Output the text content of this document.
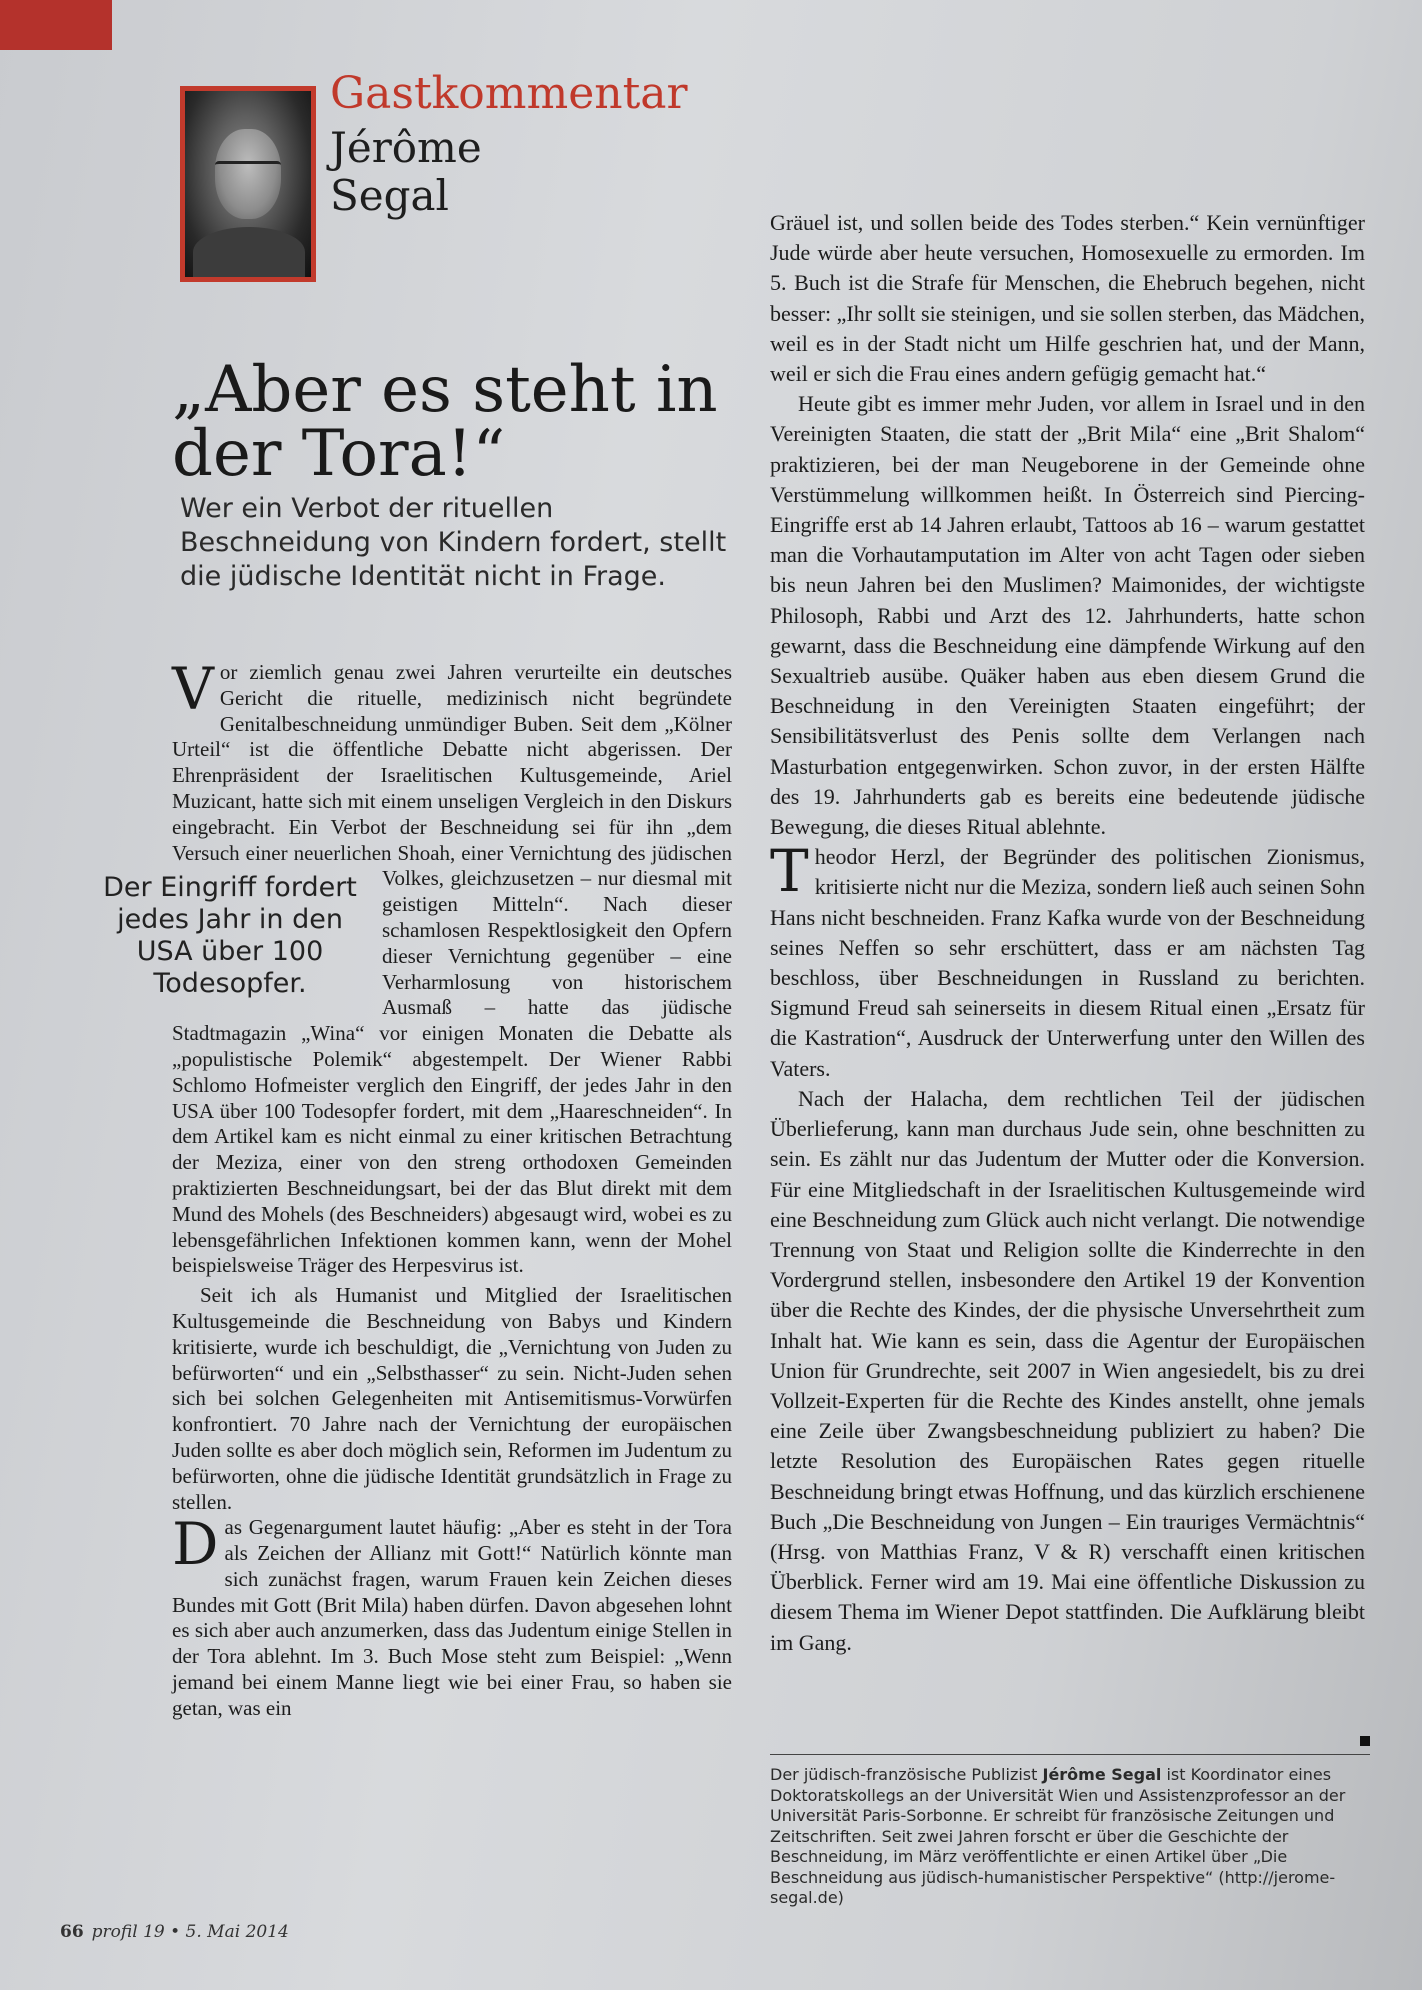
Gastkommentar

Jérôme
Segal

„Aber es steht in der Tora!“

Wer ein Verbot der rituellen Beschneidung von Kindern fordert, stellt die jüdische Identität nicht in Frage.

Vor ziemlich genau zwei Jahren verurteilte ein deutsches Gericht die rituelle, medizinisch nicht begründete Genitalbeschneidung unmündiger Buben. Seit dem „Kölner Urteil“ ist die öffentliche Debatte nicht abgerissen. Der Ehrenpräsident der Israelitischen Kultusgemeinde, Ariel Muzicant, hatte sich mit einem unseligen Vergleich in den Diskurs eingebracht. Ein Verbot der Beschneidung sei für ihn „dem Versuch einer neuerlichen Shoah, einer Vernichtung des jüdischen Volkes, gleichzusetzen – nur diesmal mit
Der Eingriff fordert jedes Jahr in den USA über 100 Todesopfer.
geistigen Mitteln“. Nach dieser schamlosen Respektlosigkeit den Opfern dieser Vernichtung gegenüber – eine Verharmlosung von historischem Ausmaß – hatte das jüdische Stadtmagazin „Wina“ vor einigen Monaten die Debatte als „populistische Polemik“ abgestempelt. Der Wiener Rabbi Schlomo Hofmeister verglich den Eingriff, der jedes Jahr in den USA über 100 Todesopfer fordert, mit dem „Haareschneiden“. In dem Artikel kam es nicht einmal zu einer kritischen Betrachtung der Meziza, einer von den streng orthodoxen Gemeinden praktizierten Beschneidungsart, bei der das Blut direkt mit dem Mund des Mohels (des Beschneiders) abgesaugt wird, wobei es zu lebensgefährlichen Infektionen kommen kann, wenn der Mohel beispielsweise Träger des Herpesvirus ist.

Seit ich als Humanist und Mitglied der Israelitischen Kultusgemeinde die Beschneidung von Babys und Kindern kritisierte, wurde ich beschuldigt, die „Vernichtung von Juden zu befürworten“ und ein „Selbsthasser“ zu sein. Nicht-Juden sehen sich bei solchen Gelegenheiten mit Antisemitismus-Vorwürfen konfrontiert. 70 Jahre nach der Vernichtung der europäischen Juden sollte es aber doch möglich sein, Reformen im Judentum zu befürworten, ohne die jüdische Identität grundsätzlich in Frage zu stellen.

Das Gegenargument lautet häufig: „Aber es steht in der Tora als Zeichen der Allianz mit Gott!“ Natürlich könnte man sich zunächst fragen, warum Frauen kein Zeichen dieses Bundes mit Gott (Brit Mila) haben dürfen. Davon abgesehen lohnt es sich aber auch anzumerken, dass das Judentum einige Stellen in der Tora ablehnt. Im 3. Buch Mose steht zum Beispiel: „Wenn jemand bei einem Manne liegt wie bei einer Frau, so haben sie getan, was ein

Gräuel ist, und sollen beide des Todes sterben.“ Kein vernünftiger Jude würde aber heute versuchen, Homosexuelle zu ermorden. Im 5. Buch ist die Strafe für Menschen, die Ehebruch begehen, nicht besser: „Ihr sollt sie steinigen, und sie sollen sterben, das Mädchen, weil es in der Stadt nicht um Hilfe geschrien hat, und der Mann, weil er sich die Frau eines andern gefügig gemacht hat.“

Heute gibt es immer mehr Juden, vor allem in Israel und in den Vereinigten Staaten, die statt der „Brit Mila“ eine „Brit Shalom“ praktizieren, bei der man Neugeborene in der Gemeinde ohne Verstümmelung willkommen heißt. In Österreich sind Piercing-Eingriffe erst ab 14 Jahren erlaubt, Tattoos ab 16 – warum gestattet man die Vorhautamputation im Alter von acht Tagen oder sieben bis neun Jahren bei den Muslimen? Maimonides, der wichtigste Philosoph, Rabbi und Arzt des 12. Jahrhunderts, hatte schon gewarnt, dass die Beschneidung eine dämpfende Wirkung auf den Sexualtrieb ausübe. Quäker haben aus eben diesem Grund die Beschneidung in den Vereinigten Staaten eingeführt; der Sensibilitätsverlust des Penis sollte dem Verlangen nach Masturbation entgegenwirken. Schon zuvor, in der ersten Hälfte des 19. Jahrhunderts gab es bereits eine bedeutende jüdische Bewegung, die dieses Ritual ablehnte.

Theodor Herzl, der Begründer des politischen Zionismus, kritisierte nicht nur die Meziza, sondern ließ auch seinen Sohn Hans nicht beschneiden. Franz Kafka wurde von der Beschneidung seines Neffen so sehr erschüttert, dass er am nächsten Tag beschloss, über Beschneidungen in Russland zu berichten. Sigmund Freud sah seinerseits in diesem Ritual einen „Ersatz für die Kastration“, Ausdruck der Unterwerfung unter den Willen des Vaters.

Nach der Halacha, dem rechtlichen Teil der jüdischen Überlieferung, kann man durchaus Jude sein, ohne beschnitten zu sein. Es zählt nur das Judentum der Mutter oder die Konversion. Für eine Mitgliedschaft in der Israelitischen Kultusgemeinde wird eine Beschneidung zum Glück auch nicht verlangt. Die notwendige Trennung von Staat und Religion sollte die Kinderrechte in den Vordergrund stellen, insbesondere den Artikel 19 der Konvention über die Rechte des Kindes, der die physische Unversehrtheit zum Inhalt hat. Wie kann es sein, dass die Agentur der Europäischen Union für Grundrechte, seit 2007 in Wien angesiedelt, bis zu drei Vollzeit-Experten für die Rechte des Kindes anstellt, ohne jemals eine Zeile über Zwangsbeschneidung publiziert zu haben? Die letzte Resolution des Europäischen Rates gegen rituelle Beschneidung bringt etwas Hoffnung, und das kürzlich erschienene Buch „Die Beschneidung von Jungen – Ein trauriges Vermächtnis“ (Hrsg. von Matthias Franz, V & R) verschafft einen kritischen Überblick. Ferner wird am 19. Mai eine öffentliche Diskussion zu diesem Thema im Wiener Depot stattfinden. Die Aufklärung bleibt im Gang.

Der jüdisch-französische Publizist Jérôme Segal ist Koordinator eines Doktoratskollegs an der Universität Wien und Assistenzprofessor an der Universität Paris-Sorbonne. Er schreibt für französische Zeitungen und Zeitschriften. Seit zwei Jahren forscht er über die Geschichte der Beschneidung, im März veröffentlichte er einen Artikel über „Die Beschneidung aus jüdisch-humanistischer Perspektive“ (http://jerome-segal.de)
66 profil 19 • 5. Mai 2014
